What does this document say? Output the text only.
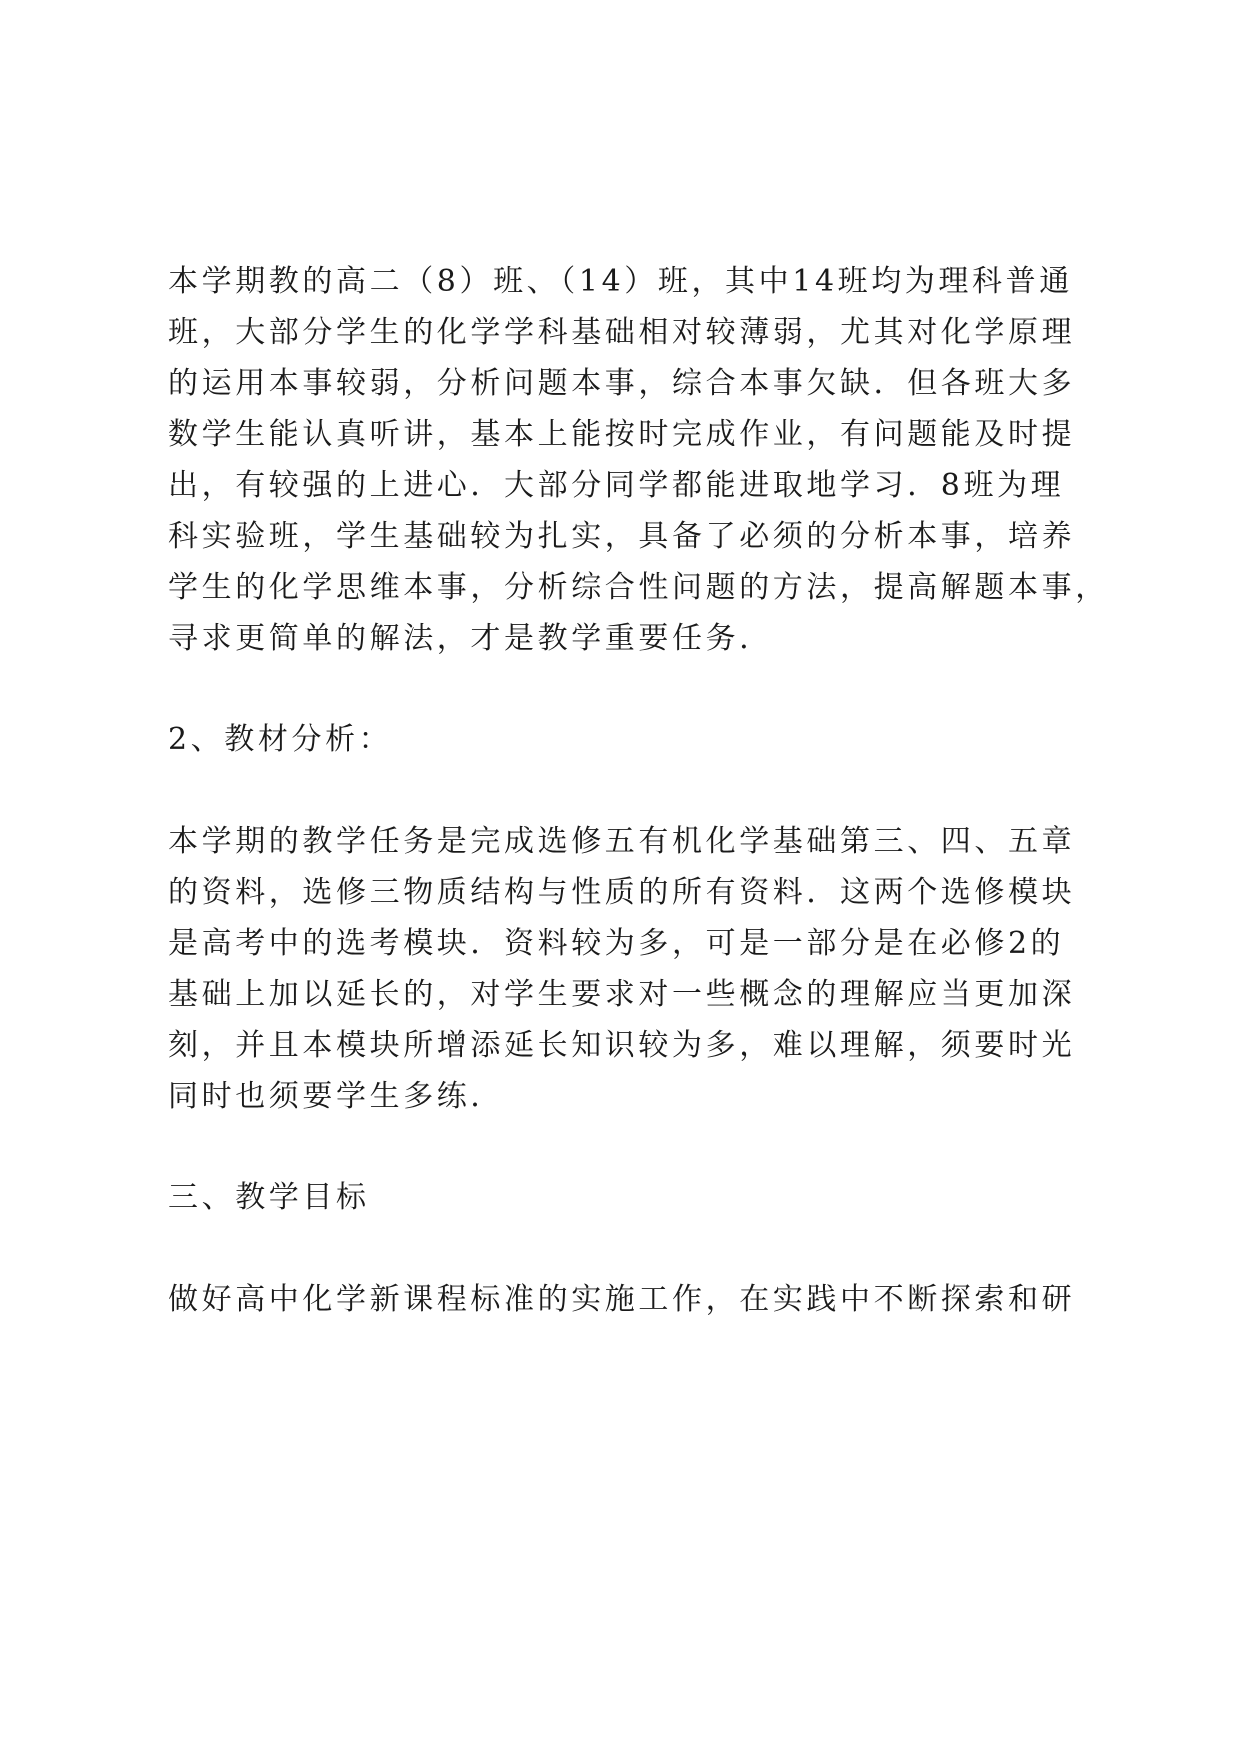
本学期教的高二（8）班、（14）班，其中14班均为理科普通
班，大部分学生的化学学科基础相对较薄弱，尤其对化学原理
的运用本事较弱，分析问题本事，综合本事欠缺．但各班大多
数学生能认真听讲，基本上能按时完成作业，有问题能及时提
出，有较强的上进心．大部分同学都能进取地学习．8班为理
科实验班，学生基础较为扎实，具备了必须的分析本事，培养
学生的化学思维本事，分析综合性问题的方法，提高解题本事，
寻求更简单的解法，才是教学重要任务．
2、教材分析：
本学期的教学任务是完成选修五有机化学基础第三、四、五章
的资料，选修三物质结构与性质的所有资料．这两个选修模块
是高考中的选考模块．资料较为多，可是一部分是在必修2的
基础上加以延长的，对学生要求对一些概念的理解应当更加深
刻，并且本模块所增添延长知识较为多，难以理解，须要时光
同时也须要学生多练．
三、教学目标
做好高中化学新课程标准的实施工作，在实践中不断探索和研
